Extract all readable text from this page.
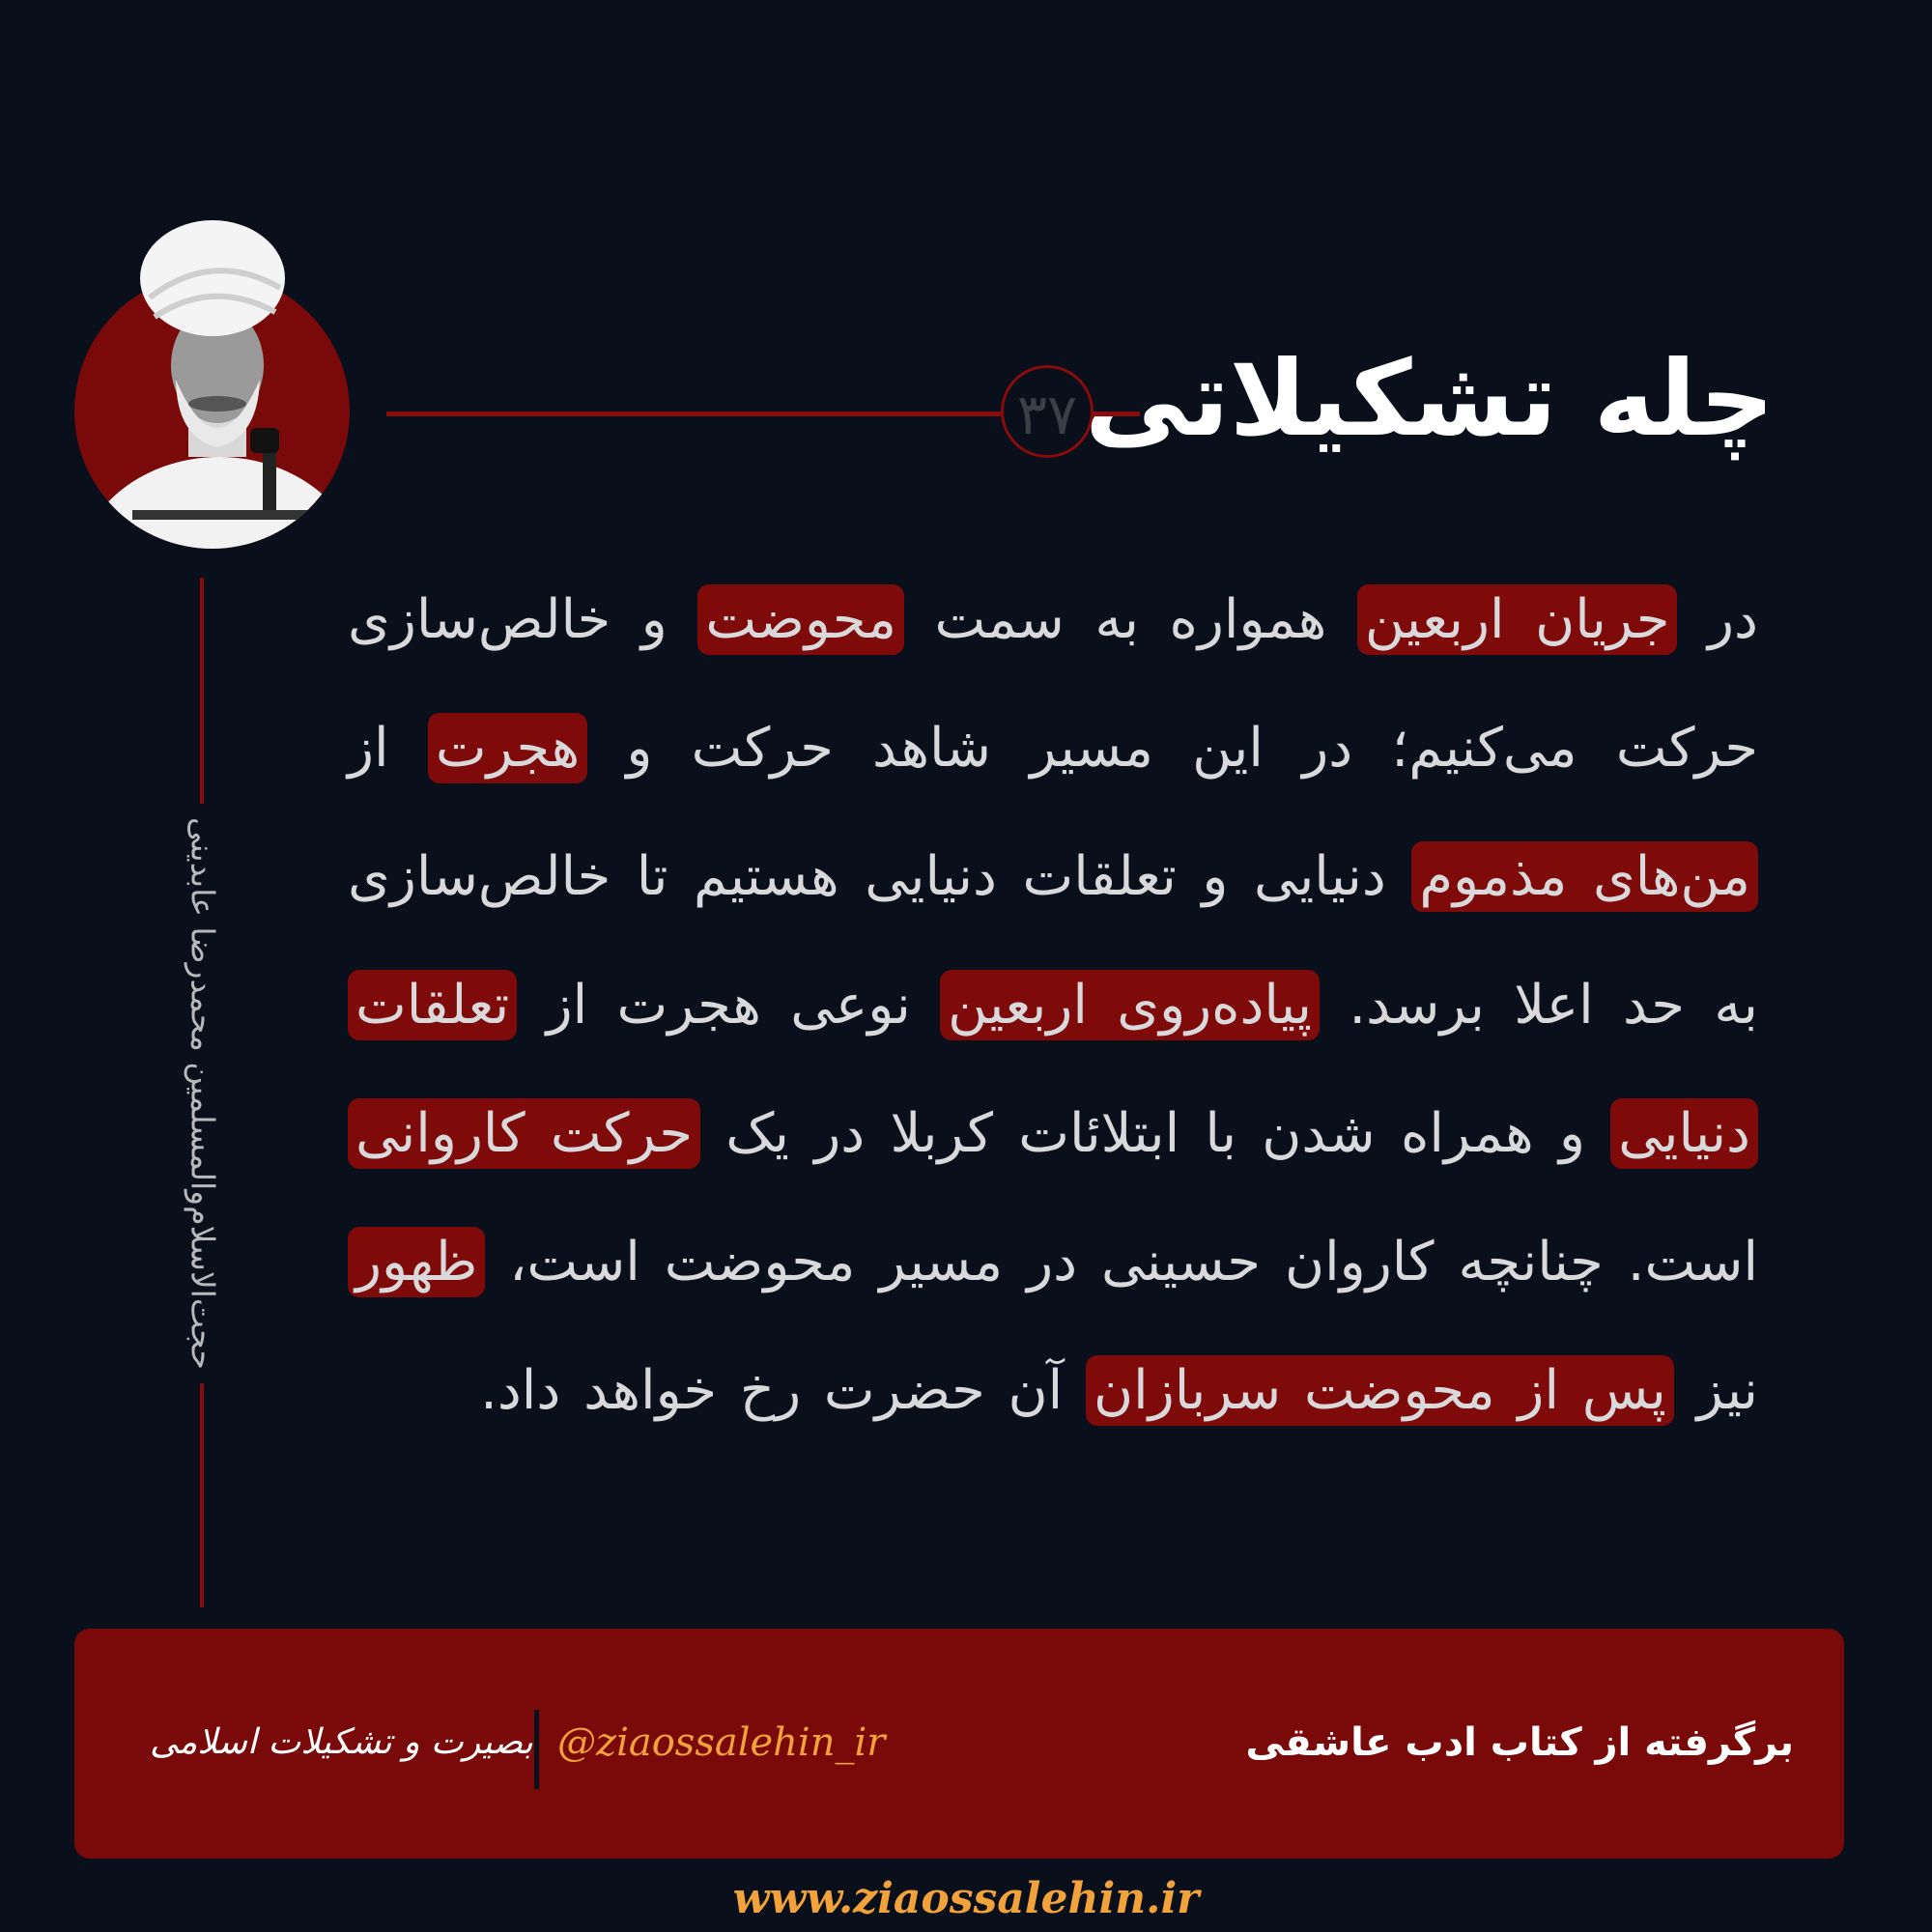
۳۷ چله تشکیلاتی
حجت‌الاسلام‌والمسلمین محمدرضا عابدینی
در جریان اربعین همواره به سمت محوضت و خالص‌سازی حرکت می‌کنیم؛ در این مسیر شاهد حرکت و هجرت از من‌های مذموم دنیایی و تعلقات دنیایی هستیم تا خالص‌سازی به حد اعلا برسد. پیاده‌روی اربعین نوعی هجرت از تعلقات دنیایی و همراه شدن با ابتلائات کربلا در یک حرکت کاروانی است. چنانچه کاروان حسینی در مسیر محوضت است، ظهور نیز پس از محوضت سربازان آن حضرت رخ خواهد داد.
برگرفته از کتاب ادب عاشقی
@ziaossalehin_ir
بصیرت و تشکیلات اسلامی
www.ziaossalehin.ir
